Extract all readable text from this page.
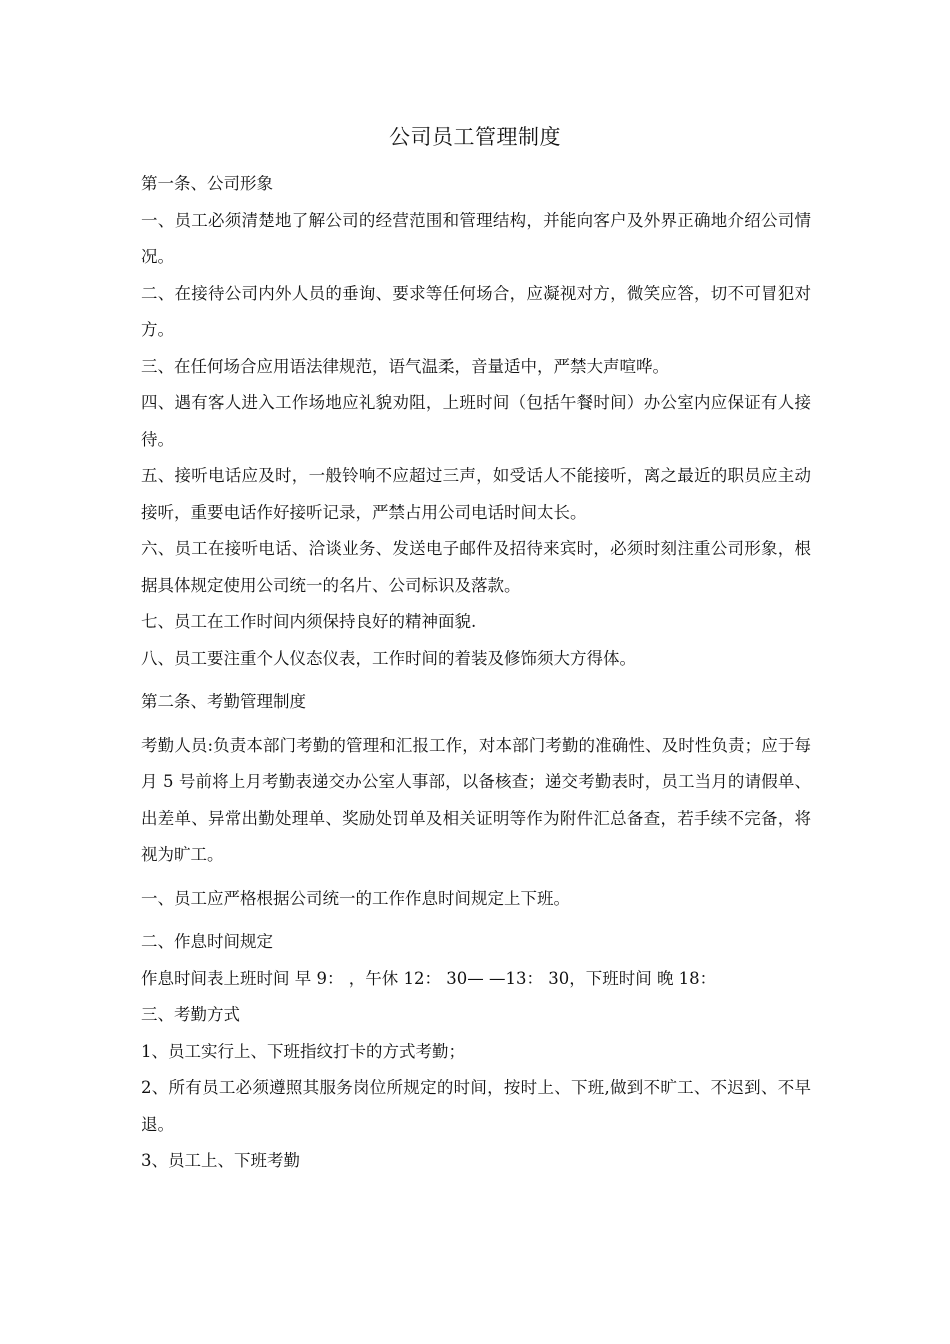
公司员工管理制度

第一条、公司形象

一、员工必须清楚地了解公司的经营范围和管理结构，并能向客户及外界正确地介绍公司情况。

二、在接待公司内外人员的垂询、要求等任何场合，应凝视对方，微笑应答，切不可冒犯对方。

三、在任何场合应用语法律规范，语气温柔，音量适中，严禁大声喧哗。

四、遇有客人进入工作场地应礼貌劝阻，上班时间（包括午餐时间）办公室内应保证有人接待。

五、接听电话应及时，一般铃响不应超过三声，如受话人不能接听，离之最近的职员应主动接听，重要电话作好接听记录，严禁占用公司电话时间太长。

六、员工在接听电话、洽谈业务、发送电子邮件及招待来宾时，必须时刻注重公司形象，根据具体规定使用公司统一的名片、公司标识及落款。

七、员工在工作时间内须保持良好的精神面貌.

八、员工要注重个人仪态仪表，工作时间的着装及修饰须大方得体。

第二条、考勤管理制度

考勤人员:负责本部门考勤的管理和汇报工作，对本部门考勤的准确性、及时性负责；应于每月 5 号前将上月考勤表递交办公室人事部，以备核查；递交考勤表时，员工当月的请假单、出差单、异常出勤处理单、奖励处罚单及相关证明等作为附件汇总备查，若手续不完备，将视为旷工。

一、员工应严格根据公司统一的工作作息时间规定上下班。

二、作息时间规定

作息时间表上班时间 早 9： ，午休 12： 30— —13： 30，下班时间 晚 18：

三、考勤方式

1、员工实行上、下班指纹打卡的方式考勤；

2、所有员工必须遵照其服务岗位所规定的时间，按时上、下班,做到不旷工、不迟到、不早退。

3、员工上、下班考勤
